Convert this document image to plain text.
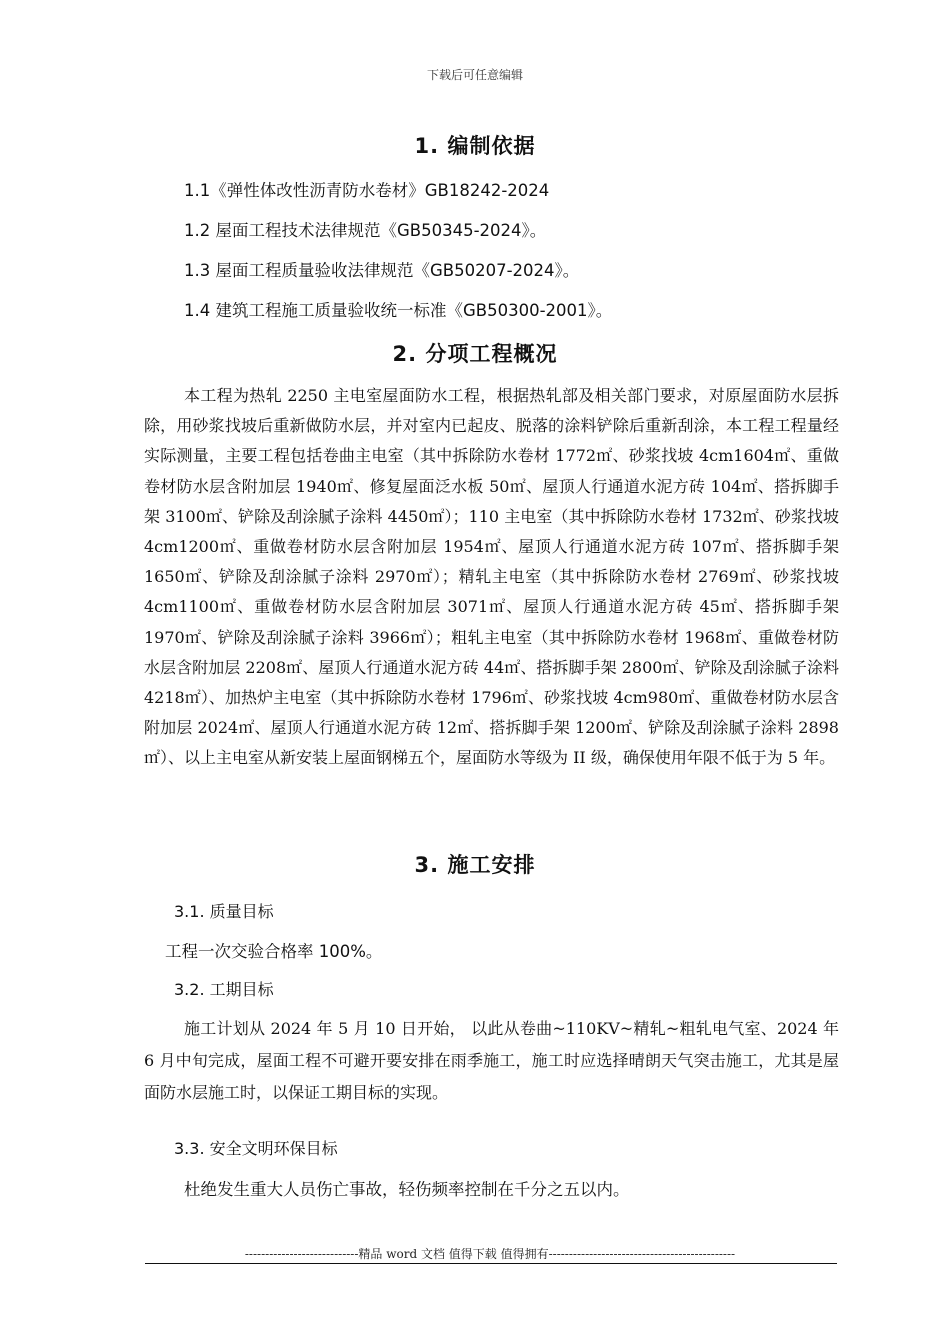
下载后可任意编辑
1. 编制依据
1.1《弹性体改性沥青防水卷材》GB18242-2024
1.2 屋面工程技术法律规范《GB50345-2024》。
1.3 屋面工程质量验收法律规范《GB50207-2024》。
1.4 建筑工程施工质量验收统一标准《GB50300-2001》。
2. 分项工程概况
本工程为热轧 2250 主电室屋面防水工程，根据热轧部及相关部门要求，对原屋面防水层拆除，用砂浆找坡后重新做防水层，并对室内已起皮、脱落的涂料铲除后重新刮涂，本工程工程量经实际测量，主要工程包括卷曲主电室（其中拆除防水卷材 1772㎡、砂浆找坡 4cm1604㎡、重做卷材防水层含附加层 1940㎡、修复屋面泛水板 50㎡、屋顶人行通道水泥方砖 104㎡、搭拆脚手架 3100㎡、铲除及刮涂腻子涂料 4450㎡）；110 主电室（其中拆除防水卷材 1732㎡、砂浆找坡 4cm1200㎡、重做卷材防水层含附加层 1954㎡、屋顶人行通道水泥方砖 107㎡、搭拆脚手架 1650㎡、铲除及刮涂腻子涂料 2970㎡）；精轧主电室（其中拆除防水卷材 2769㎡、砂浆找坡 4cm1100㎡、重做卷材防水层含附加层 3071㎡、屋顶人行通道水泥方砖 45㎡、搭拆脚手架 1970㎡、铲除及刮涂腻子涂料 3966㎡）；粗轧主电室（其中拆除防水卷材 1968㎡、重做卷材防水层含附加层 2208㎡、屋顶人行通道水泥方砖 44㎡、搭拆脚手架 2800㎡、铲除及刮涂腻子涂料 4218㎡）、加热炉主电室（其中拆除防水卷材 1796㎡、砂浆找坡 4cm980㎡、重做卷材防水层含附加层 2024㎡、屋顶人行通道水泥方砖 12㎡、搭拆脚手架 1200㎡、铲除及刮涂腻子涂料 2898㎡）、以上主电室从新安装上屋面钢梯五个，屋面防水等级为 II 级，确保使用年限不低于为 5 年。
3. 施工安排
3.1. 质量目标
工程一次交验合格率 100%。
3.2. 工期目标
施工计划从 2024 年 5 月 10 日开始， 以此从卷曲~110KV~精轧~粗轧电气室、2024 年 6 月中旬完成，屋面工程不可避开要安排在雨季施工，施工时应选择晴朗天气突击施工，尤其是屋面防水层施工时，以保证工期目标的实现。
3.3. 安全文明环保目标
杜绝发生重大人员伤亡事故，轻伤频率控制在千分之五以内。
----------------------------精品 word 文档 值得下载 值得拥有----------------------------------------------
